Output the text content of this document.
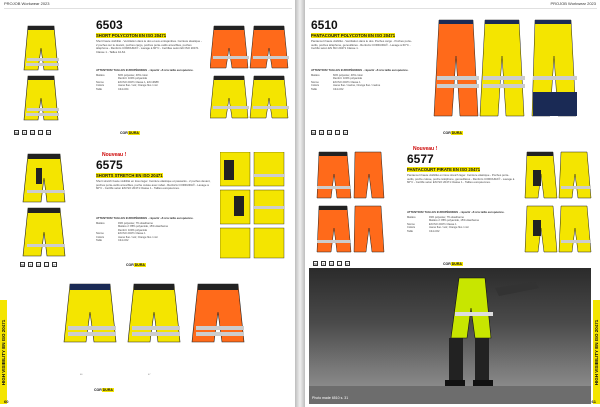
PROJOB Workwear 2023
6503
SHORT POLYCOTON EN ISO 20471
Short haute visibilité - Ventilation dans le dos et aux entrejambes. Ceinture élastique - 2 poches sur le devant, poches cargo, poches porte-outils amovibles, poches téléphone - Renforts CORDURA® - Lavage à 60°C - Certifiée selon EN ISO 20471 Classe 1 - Tailles 44-64.
ATTENTION! TAILLES EUROPÉENNES - répartir +6 à la taille européenne.
Matière	60% polyester, 40% coton
Renfort: 100% polyamide
Norme	EN ISO 20471 Classe 1, EN 13688
Coloris	Jaune fluo / noir, Orange fluo / noir
Taille	C44-C64
60	✕	◎	⌂	P	CORDURA
Nouveau !
6575
SHORTS STRETCH EN ISO 20471
Short stretch haute visibilité en tissu léger. Ceinture élastique et passants - 2 poches devant, poches porte-outils amovibles, poche cuisse avec rabat - Renforts CORDURA® - Lavage à 60°C - Certifié selon EN ISO 20471 Classe 1 - Tailles européennes.
ATTENTION! TAILLES EUROPÉENNES - répartir +6 à la taille européenne.
Matière	93% polyester, 7% élasthanne
Matière 2: 85% polyamide, 15% élasthanne
Renfort: 100% polyamide
Norme	EN ISO 20471 Classe 1
Coloris	Jaune fluo / noir, Orange fluo / noir
Taille	C44-C62
60	✕	◎	⌂	P	CORDURA
46	47
CORDURA
HIGH VISIBILITY EN ISO 20471
60
PROJOB Workwear 2023
6510
PANTACOURT POLYCOTON EN ISO 20471
Pantacourt haute visibilité - Ventilation dans le dos. Poches cargo - Poches porte-outils, poches téléphone, genouillères - Renforts CORDURA® - Lavage à 60°C - Certifié selon EN ISO 20471 Classe 1.
ATTENTION! TAILLES EUROPÉENNES - répartir +6 à la taille européenne.
Matière	60% polyester, 40% coton
Renfort: 100% polyamide
Norme	EN ISO 20471 Classe 1
Coloris	Jaune fluo / marine, Orange fluo / marine
Taille	C44-C62
60	✕	◎	⌂	P	CORDURA
Nouveau !
6577
PANTACOURT PIRATE EN ISO 20471
Pantacourt haute visibilité en tissu stretch léger. Ceinture élastique - Poches porte-outils, poche cuisse, poche téléphone, genouillères - Renforts CORDURA® - Lavage à 60°C - Certifié selon EN ISO 20471 Classe 1 - Tailles européennes.
ATTENTION! TAILLES EUROPÉENNES - répartir +6 à la taille européenne.
Matière	93% polyester, 7% élasthanne
Matière 2: 85% polyamide, 15% élasthanne
Norme	EN ISO 20471 Classe 1
Coloris	Jaune fluo / noir, Orange fluo / noir
Taille	C44-C62
60	✕	◎	⌂	P	CORDURA
Photo made 6510 s. 31
HIGH VISIBILITY EN ISO 20471
61
